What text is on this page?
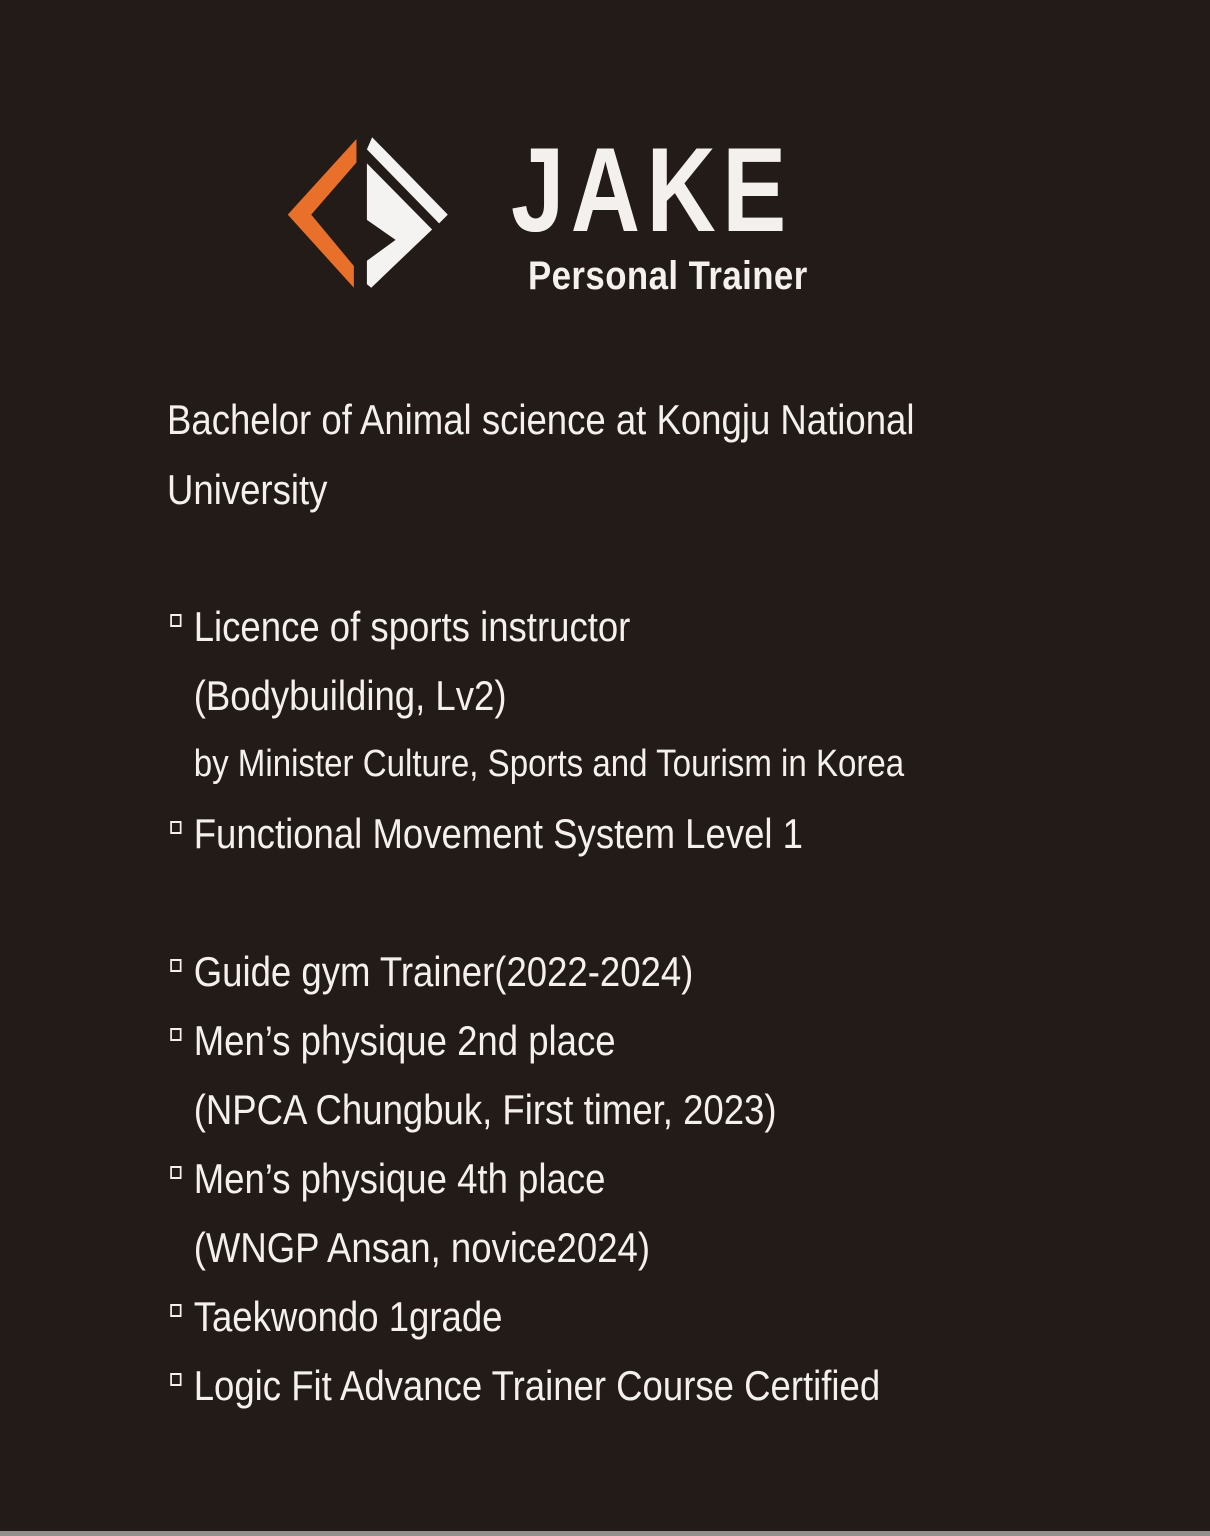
JAKE
Personal Trainer
Bachelor of Animal science at Kongju National
University
Licence of sports instructor
(Bodybuilding, Lv2)
by Minister Culture, Sports and Tourism in Korea
Functional Movement System Level 1
Guide gym Trainer(2022-2024)
Men’s physique 2nd place
(NPCA Chungbuk, First timer, 2023)
Men’s physique 4th place
(WNGP Ansan, novice2024)
Taekwondo 1grade
Logic Fit Advance Trainer Course Certified
